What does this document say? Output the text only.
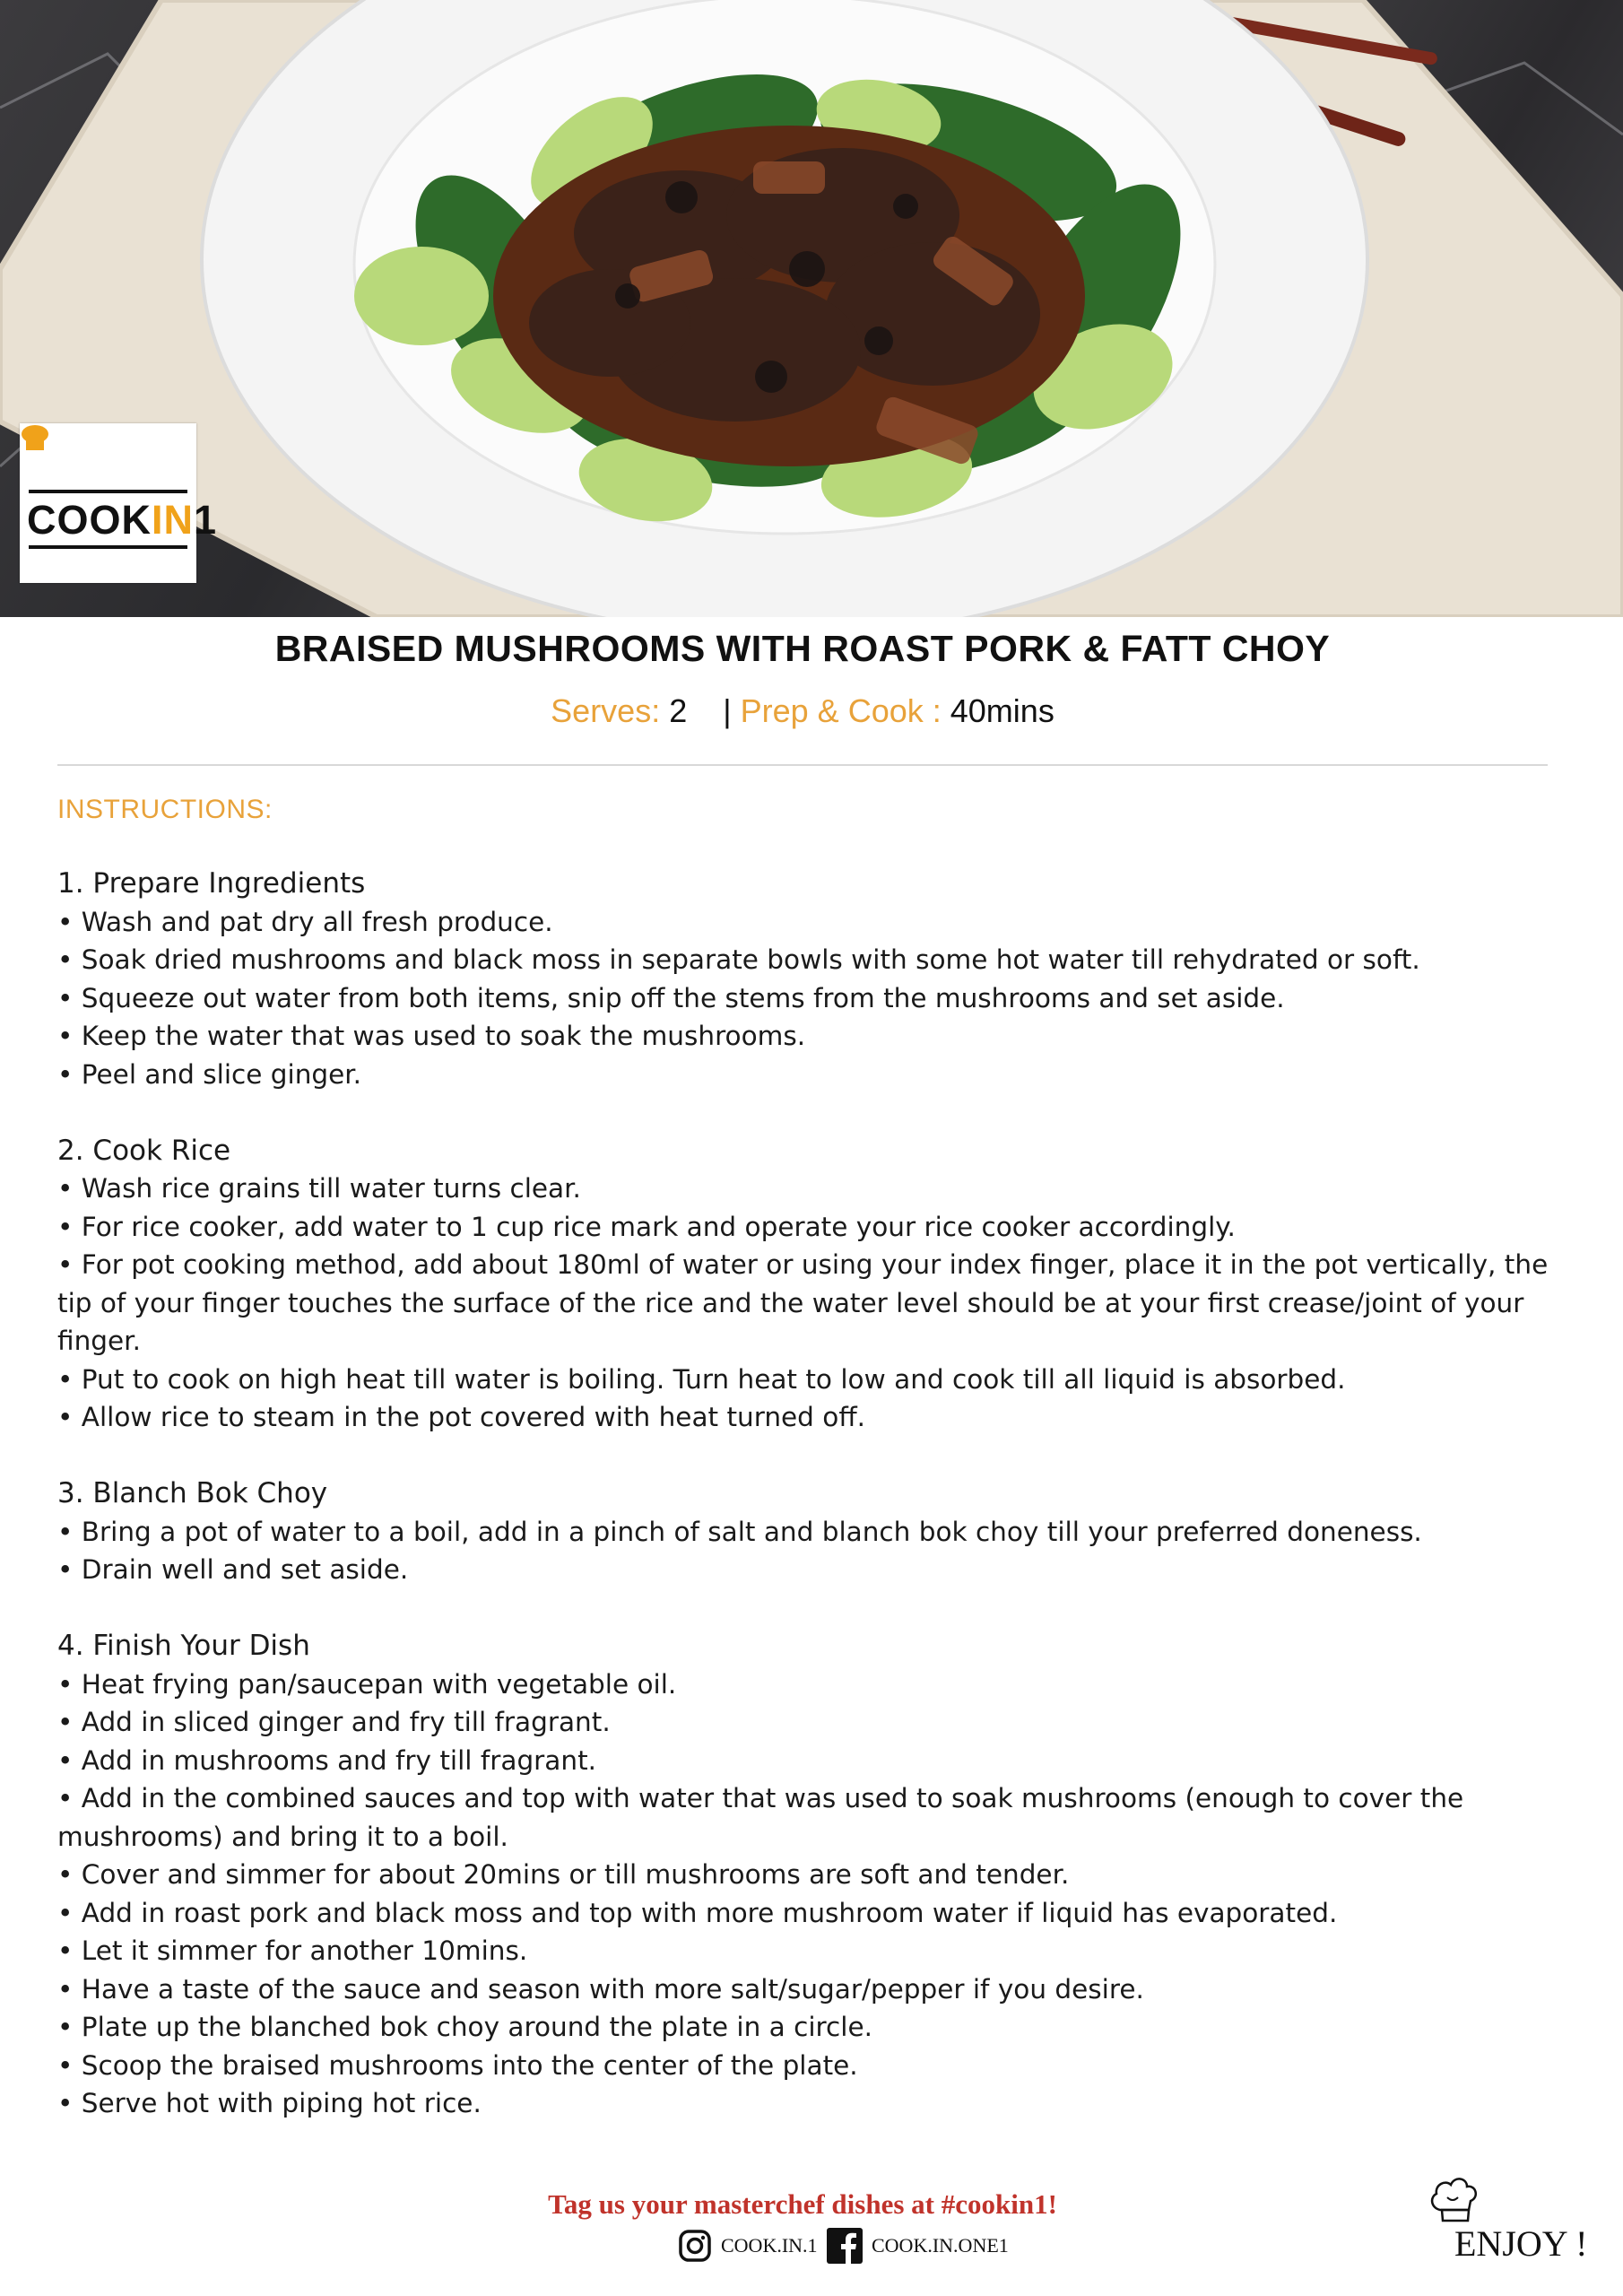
COOKIN1
BRAISED MUSHROOMS WITH ROAST PORK & FATT CHOY
Serves: 2 | Prep & Cook : 40mins
INSTRUCTIONS:
1. Prepare Ingredients
• Wash and pat dry all fresh produce.
• Soak dried mushrooms and black moss in separate bowls with some hot water till rehydrated or soft.
• Squeeze out water from both items, snip off the stems from the mushrooms and set aside.
• Keep the water that was used to soak the mushrooms.
• Peel and slice ginger.
2. Cook Rice
• Wash rice grains till water turns clear.
• For rice cooker, add water to 1 cup rice mark and operate your rice cooker accordingly.
• For pot cooking method, add about 180ml of water or using your index finger, place it in the pot vertically, the tip of your finger touches the surface of the rice and the water level should be at your first crease/joint of your finger.
• Put to cook on high heat till water is boiling. Turn heat to low and cook till all liquid is absorbed.
• Allow rice to steam in the pot covered with heat turned off.
3. Blanch Bok Choy
• Bring a pot of water to a boil, add in a pinch of salt and blanch bok choy till your preferred doneness.
• Drain well and set aside.
4. Finish Your Dish
• Heat frying pan/saucepan with vegetable oil.
• Add in sliced ginger and fry till fragrant.
• Add in mushrooms and fry till fragrant.
• Add in the combined sauces and top with water that was used to soak mushrooms (enough to cover the mushrooms) and bring it to a boil.
• Cover and simmer for about 20mins or till mushrooms are soft and tender.
• Add in roast pork and black moss and top with more mushroom water if liquid has evaporated.
• Let it simmer for another 10mins.
• Have a taste of the sauce and season with more salt/sugar/pepper if you desire.
• Plate up the blanched bok choy around the plate in a circle.
• Scoop the braised mushrooms into the center of the plate.
• Serve hot with piping hot rice.
Tag us your masterchef dishes at #cookin1!
COOK.IN.1	COOK.IN.ONE1	ENJOY !
